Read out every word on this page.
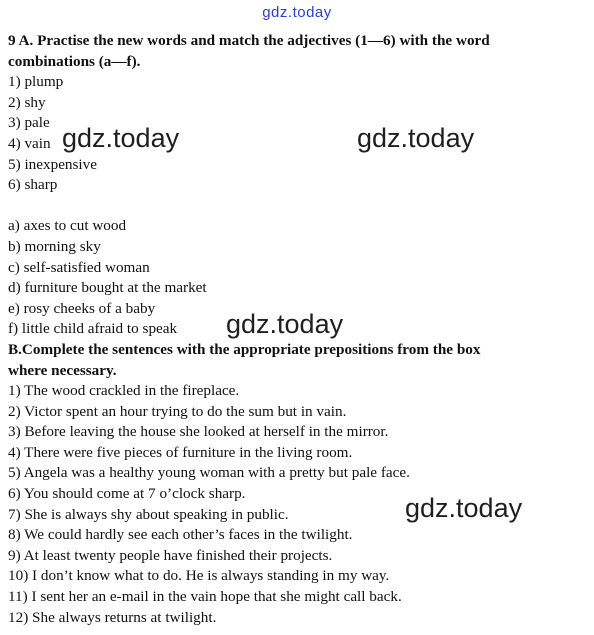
gdz.today
9 A. Practise the new words and match the adjectives (1—6) with the word
combinations (a—f).
1) plump
2) shy
3) pale
4) vain
5) inexpensive
6) sharp
a) axes to cut wood
b) morning sky
c) self-satisfied woman
d) furniture bought at the market
e) rosy cheeks of a baby
f) little child afraid to speak
B.Complete the sentences with the appropriate prepositions from the box
where necessary.
1) The wood crackled in the fireplace.
2) Victor spent an hour trying to do the sum but in vain.
3) Before leaving the house she looked at herself in the mirror.
4) There were five pieces of furniture in the living room.
5) Angela was a healthy young woman with a pretty but pale face.
6) You should come at 7 o’clock sharp.
7) She is always shy about speaking in public.
8) We could hardly see each other’s faces in the twilight.
9) At least twenty people have finished their projects.
10) I don’t know what to do. He is always standing in my way.
11) I sent her an e-mail in the vain hope that she might call back.
12) She always returns at twilight.
gdz.today	gdz.today
gdz.today
gdz.today
